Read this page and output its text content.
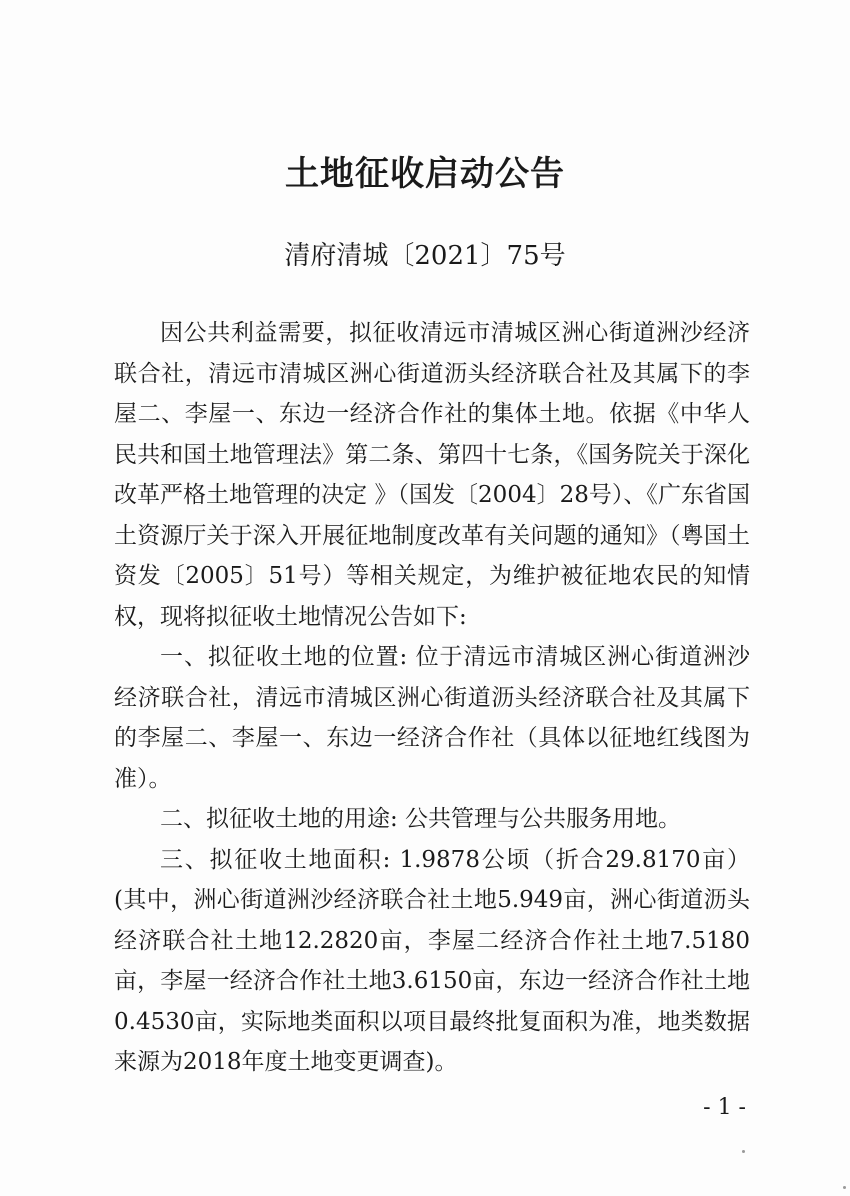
土地征收启动公告
清府清城〔2021〕75号

因公共利益需要，拟征收清远市清城区洲心街道洲沙经济联合社，清远市清城区洲心街道沥头经济联合社及其属下的李屋二、李屋一、东边一经济合作社的集体土地。依据《中华人民共和国土地管理法》第二条、第四十七条，《国务院关于深化改革严格土地管理的决定 》（国发〔2004〕28号）、《广东省国土资源厅关于深入开展征地制度改革有关问题的通知》（粤国土资发〔2005〕51号）等相关规定，为维护被征地农民的知情权，现将拟征收土地情况公告如下:

一、拟征收土地的位置: 位于清远市清城区洲心街道洲沙经济联合社，清远市清城区洲心街道沥头经济联合社及其属下的李屋二、李屋一、东边一经济合作社（具体以征地红线图为准）。

二、拟征收土地的用途: 公共管理与公共服务用地。

三、拟征收土地面积: 1.9878公顷（折合29.8170亩）(其中，洲心街道洲沙经济联合社土地5.949亩，洲心街道沥头经济联合社土地12.2820亩，李屋二经济合作社土地7.5180亩，李屋一经济合作社土地3.6150亩，东边一经济合作社土地0.4530亩，实际地类面积以项目最终批复面积为准，地类数据来源为2018年度土地变更调查)。

- 1 -
